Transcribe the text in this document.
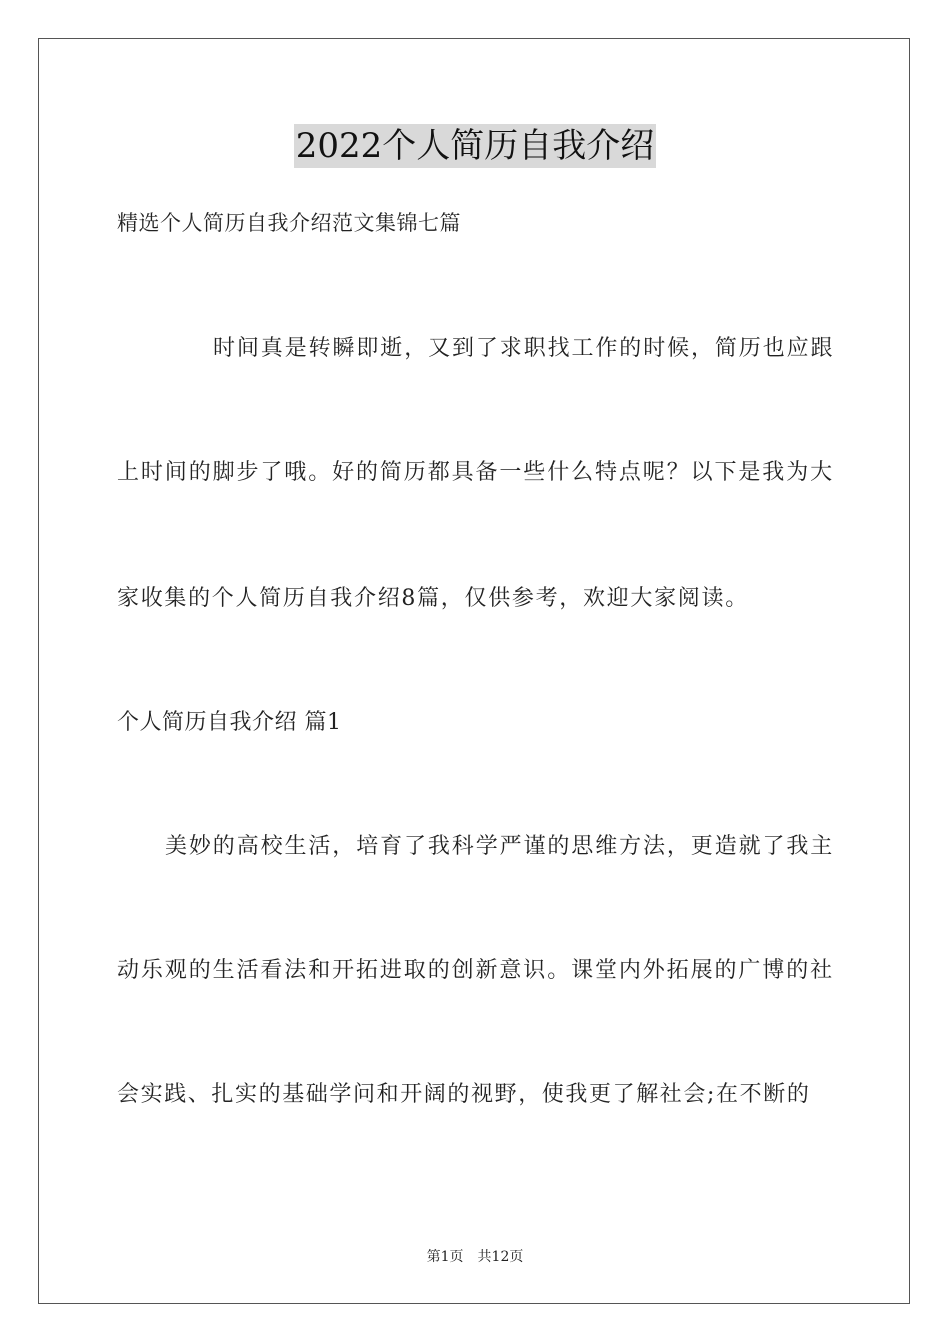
2022个人简历自我介绍
精选个人简历自我介绍范文集锦七篇
时间真是转瞬即逝，又到了求职找工作的时候，简历也应跟
上时间的脚步了哦。好的简历都具备一些什么特点呢？以下是我为大
家收集的个人简历自我介绍8篇，仅供参考，欢迎大家阅读。
个人简历自我介绍 篇1
美妙的高校生活，培育了我科学严谨的思维方法，更造就了我主
动乐观的生活看法和开拓进取的创新意识。课堂内外拓展的广博的社
会实践、扎实的基础学问和开阔的视野，使我更了解社会;在不断的
第1页 共12页
